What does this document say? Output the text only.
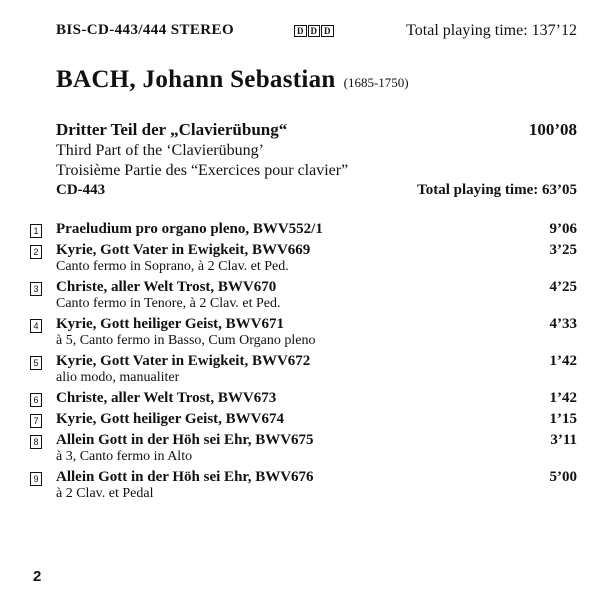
BIS-CD-443/444 STEREO	D D D	Total playing time: 137’12
BACH, Johann Sebastian (1685-1750)
Dritter Teil der „Clavierübung“	100’08
Third Part of the ‘Clavierübung’
Troisième Partie des “Exercices pour clavier”
CD-443	Total playing time: 63’05
1 Praeludium pro organo pleno, BWV552/1	9’06
2 Kyrie, Gott Vater in Ewigkeit, BWV669	3’25
Canto fermo in Soprano, à 2 Clav. et Ped.
3 Christe, aller Welt Trost, BWV670	4’25
Canto fermo in Tenore, à 2 Clav. et Ped.
4 Kyrie, Gott heiliger Geist, BWV671	4’33
à 5, Canto fermo in Basso, Cum Organo pleno
5 Kyrie, Gott Vater in Ewigkeit, BWV672	1’42
alio modo, manualiter
6 Christe, aller Welt Trost, BWV673	1’42
7 Kyrie, Gott heiliger Geist, BWV674	1’15
8 Allein Gott in der Höh sei Ehr, BWV675	3’11
à 3, Canto fermo in Alto
9 Allein Gott in der Höh sei Ehr, BWV676	5’00
à 2 Clav. et Pedal
2
